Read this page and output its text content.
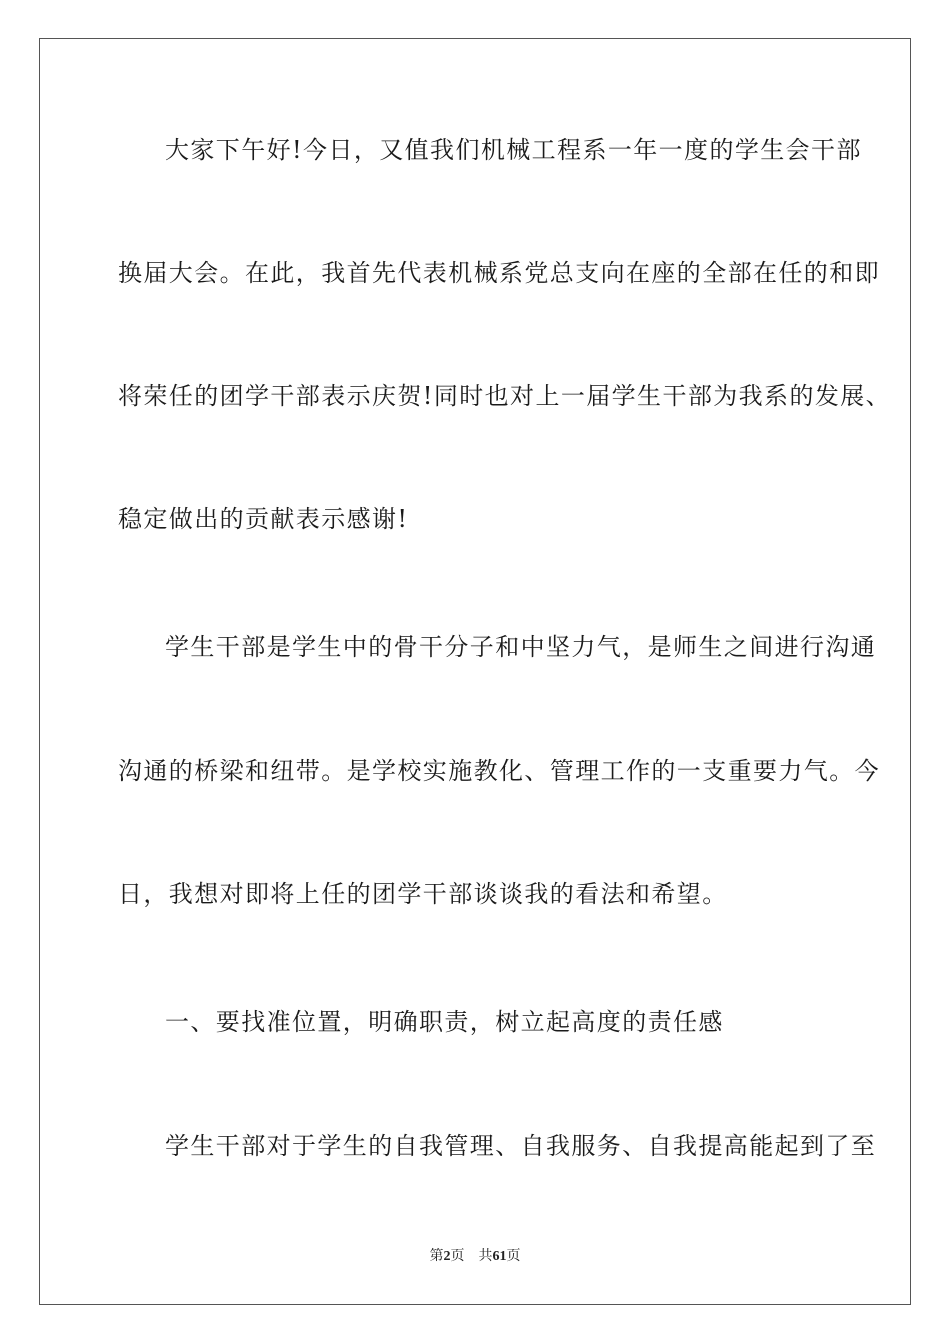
大家下午好!今日，又值我们机械工程系一年一度的学生会干部
换届大会。在此，我首先代表机械系党总支向在座的全部在任的和即
将荣任的团学干部表示庆贺!同时也对上一届学生干部为我系的发展、
稳定做出的贡献表示感谢!
学生干部是学生中的骨干分子和中坚力气，是师生之间进行沟通
沟通的桥梁和纽带。是学校实施教化、管理工作的一支重要力气。今
日，我想对即将上任的团学干部谈谈我的看法和希望。
一、要找准位置，明确职责，树立起高度的责任感
学生干部对于学生的自我管理、自我服务、自我提高能起到了至
第2页 共61页
